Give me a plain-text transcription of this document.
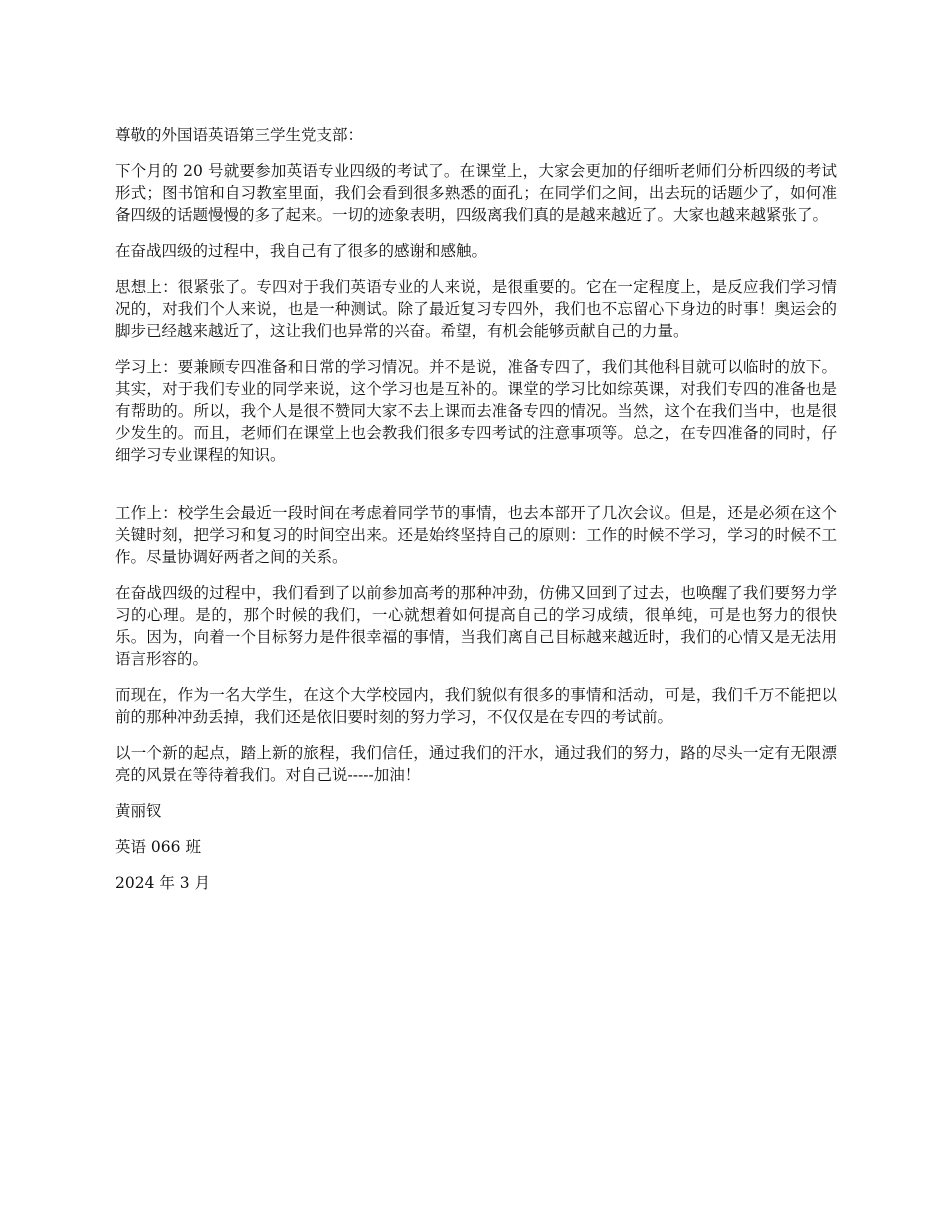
尊敬的外国语英语第三学生党支部：

下个月的 20 号就要参加英语专业四级的考试了。在课堂上，大家会更加的仔细听老师们分析四级的考试形式；图书馆和自习教室里面，我们会看到很多熟悉的面孔；在同学们之间，出去玩的话题少了，如何准备四级的话题慢慢的多了起来。一切的迹象表明，四级离我们真的是越来越近了。大家也越来越紧张了。

在奋战四级的过程中，我自己有了很多的感谢和感触。

思想上：很紧张了。专四对于我们英语专业的人来说，是很重要的。它在一定程度上，是反应我们学习情况的，对我们个人来说，也是一种测试。除了最近复习专四外，我们也不忘留心下身边的时事！奥运会的脚步已经越来越近了，这让我们也异常的兴奋。希望，有机会能够贡献自己的力量。

学习上：要兼顾专四准备和日常的学习情况。并不是说，准备专四了，我们其他科目就可以临时的放下。其实，对于我们专业的同学来说，这个学习也是互补的。课堂的学习比如综英课，对我们专四的准备也是有帮助的。所以，我个人是很不赞同大家不去上课而去准备专四的情况。当然，这个在我们当中，也是很少发生的。而且，老师们在课堂上也会教我们很多专四考试的注意事项等。总之，在专四准备的同时，仔细学习专业课程的知识。

工作上：校学生会最近一段时间在考虑着同学节的事情，也去本部开了几次会议。但是，还是必须在这个关键时刻，把学习和复习的时间空出来。还是始终坚持自己的原则：工作的时候不学习，学习的时候不工作。尽量协调好两者之间的关系。

在奋战四级的过程中，我们看到了以前参加高考的那种冲劲，仿佛又回到了过去，也唤醒了我们要努力学习的心理。是的，那个时候的我们，一心就想着如何提高自己的学习成绩，很单纯，可是也努力的很快乐。因为，向着一个目标努力是件很幸福的事情，当我们离自己目标越来越近时，我们的心情又是无法用语言形容的。

而现在，作为一名大学生，在这个大学校园内，我们貌似有很多的事情和活动，可是，我们千万不能把以前的那种冲劲丢掉，我们还是依旧要时刻的努力学习，不仅仅是在专四的考试前。

以一个新的起点，踏上新的旅程，我们信任，通过我们的汗水，通过我们的努力，路的尽头一定有无限漂亮的风景在等待着我们。对自己说-----加油！

黄丽钗

英语 066 班

2024 年 3 月
